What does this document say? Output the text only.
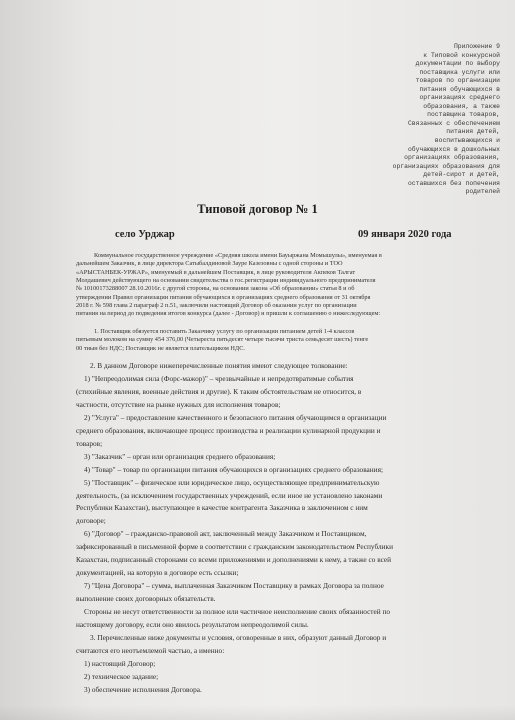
Приложение 9
к Типовой конкурсной
документации по выбору
поставщика услуги или
товаров по организации
питания обучающихся в
организациях среднего
образования, а также
поставщика товаров,
Связанных с обеспечением
питания детей,
воспитывающихся и
обучающихся в дошкольных
организациях образования,
организациях образования для
детей-сирот и детей,
оставшихся без попечения
родителей
Типовой договор № 1
село Урджар	09 января 2020 года
Коммунальное государственное учреждение «Средняя школа имени Бауыржана Момышулы», именуемая в
дальнейшем Заказчик, в лице директора Сатыбалдиновой Зауре Казезовны с одной стороны и ТОО
«АРЫСТАНБЕК-УРЖАР», именуемый в дальнейшем Поставщик, в лице руководителя Акпеков Талгат
Молдашевич действующего на основании свидетельства о гос.регистрации индивидуального предпринимателя
№ 10100173288007 28.10.2016г. с другой стороны, на основании закона «Об образовании» статья 8 и об
утверждении Правил организации питания обучающихся в организациях среднего образования от 31 октября
2018 г. № 598 глава 2 параграф 2 п.51, заключили настоящий Договор об оказании услуг по организации
питания на период до подведения итогов конкурса (далее - Договор) и пришли к соглашению о нижеследующем:
1. Поставщик обязуется поставить Заказчику услугу по организации питанием детей 1-4 классов
питьевым молоком на сумму 454 376,00 (Четыреста пятьдесят четыре тысячи триста семьдесят шесть) тенге
00 тиын без НДС; Поставщик не является плательщиком НДС.
2. В данном Договоре нижеперечисленные понятия имеют следующее толкование:
1) "Непреодолимая сила (Форс-мажор)" – чрезвычайные и непредотвратимые события
(стихийные явления, военные действия и другие). К таким обстоятельствам не относится, в
частности, отсутствие на рынке нужных для исполнения товаров;
2) "Услуга" – предоставление качественного и безопасного питания обучающимся в организации
среднего образования, включающее процесс производства и реализации кулинарной продукции и
товаров;
3) "Заказчик" – орган или организация среднего образования;
4) "Товар" – товар по организации питания обучающихся в организациях среднего образования;
5) "Поставщик" – физическое или юридическое лицо, осуществляющее предпринимательскую
деятельность, (за исключением государственных учреждений, если иное не установлено законами
Республики Казахстан), выступающее в качестве контрагента Заказчика в заключенном с ним
договоре;
6) "Договор" – гражданско-правовой акт, заключенный между Заказчиком и Поставщиком,
зафиксированный в письменной форме в соответствии с гражданским законодательством Республики
Казахстан, подписанный сторонами со всеми приложениями и дополнениями к нему, а также со всей
документацией, на которую в договоре есть ссылки;
7) "Цена Договора" – сумма, выплаченная Заказчиком Поставщику в рамках Договора за полное
выполнение своих договорных обязательств.
Стороны не несут ответственности за полное или частичное неисполнение своих обязанностей по
настоящему договору, если оно явилось результатом непреодолимой силы.
3. Перечисленные ниже документы и условия, оговоренные в них, образуют данный Договор и
считаются его неотъемлемой частью, а именно:
1) настоящий Договор;
2) техническое задание;
3) обеспечение исполнения Договора.
